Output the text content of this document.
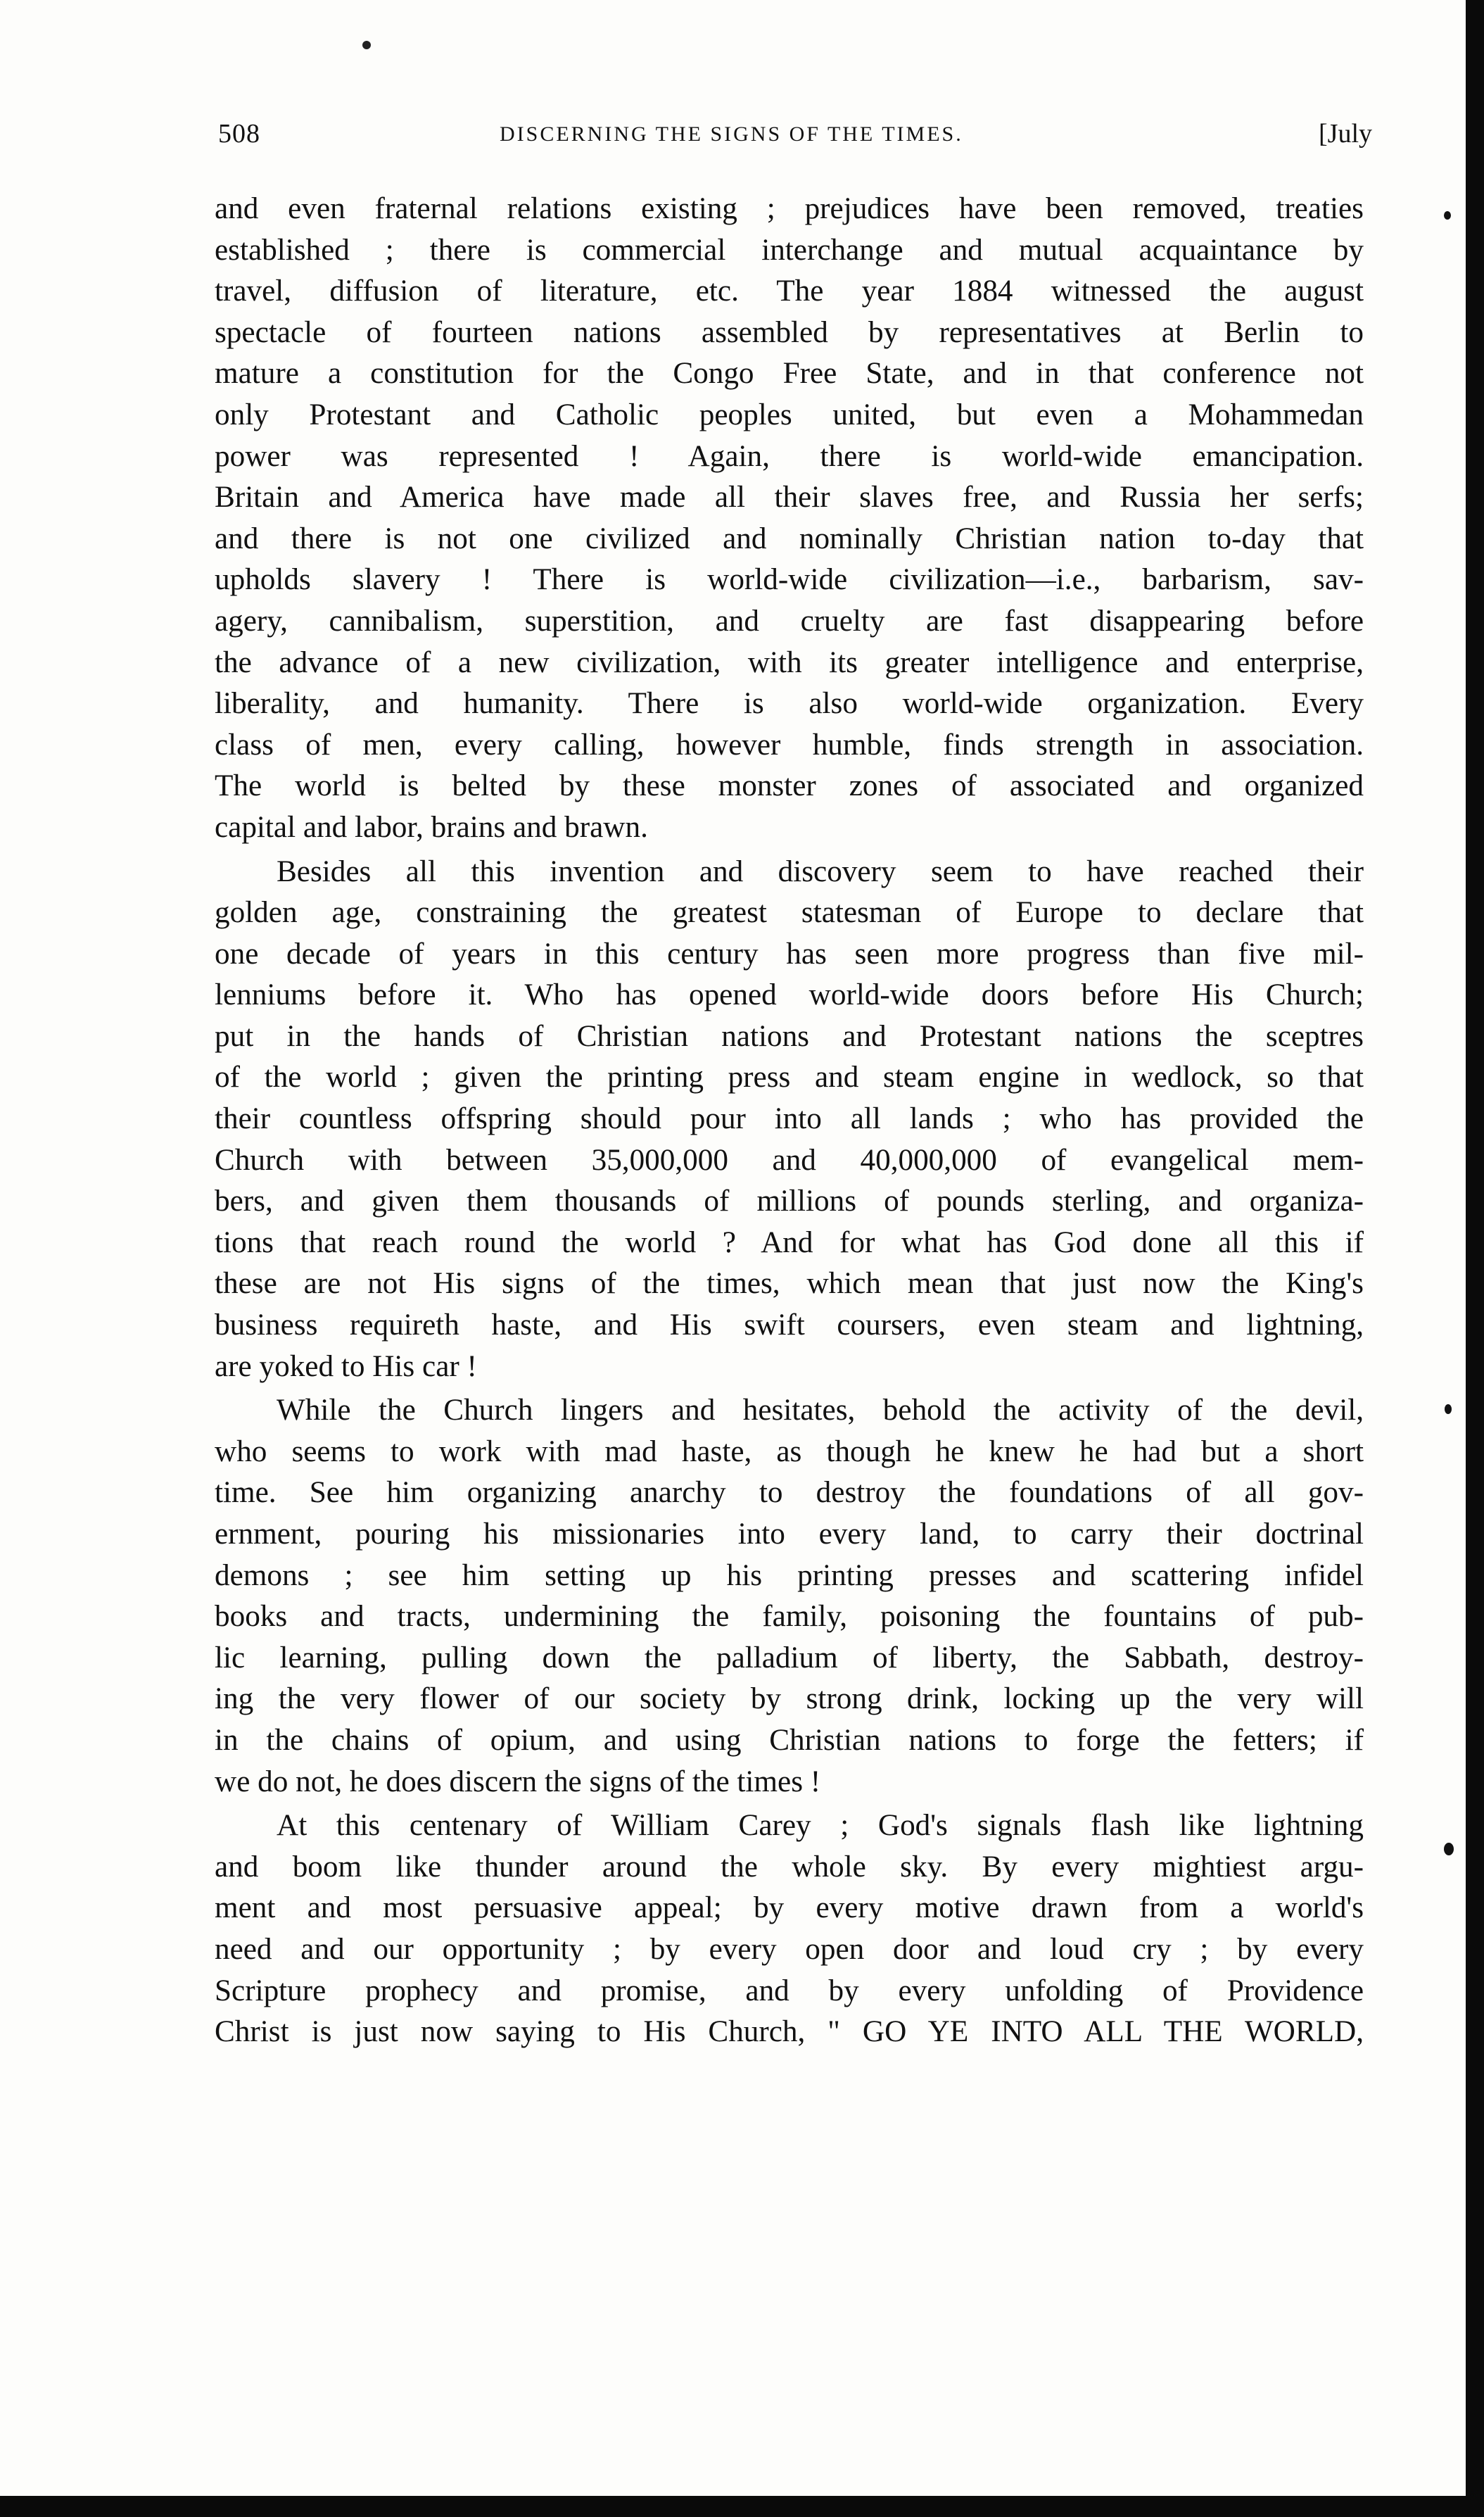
508	DISCERNING THE SIGNS OF THE TIMES.	[July

and even fraternal relations existing ; prejudices have been removed, treaties
established ; there is commercial interchange and mutual acquaintance by
travel, diffusion of literature, etc. The year 1884 witnessed the august
spectacle of fourteen nations assembled by representatives at Berlin to
mature a constitution for the Congo Free State, and in that conference not
only Protestant and Catholic peoples united, but even a Mohammedan
power was represented ! Again, there is world-wide emancipation.
Britain and America have made all their slaves free, and Russia her serfs;
and there is not one civilized and nominally Christian nation to-day that
upholds slavery ! There is world-wide civilization—i.e., barbarism, sav-
agery, cannibalism, superstition, and cruelty are fast disappearing before
the advance of a new civilization, with its greater intelligence and enterprise,
liberality, and humanity. There is also world-wide organization. Every
class of men, every calling, however humble, finds strength in association.
The world is belted by these monster zones of associated and organized
capital and labor, brains and brawn.

Besides all this invention and discovery seem to have reached their
golden age, constraining the greatest statesman of Europe to declare that
one decade of years in this century has seen more progress than five mil-
lenniums before it. Who has opened world-wide doors before His Church;
put in the hands of Christian nations and Protestant nations the sceptres
of the world ; given the printing press and steam engine in wedlock, so that
their countless offspring should pour into all lands ; who has provided the
Church with between 35,000,000 and 40,000,000 of evangelical mem-
bers, and given them thousands of millions of pounds sterling, and organiza-
tions that reach round the world ? And for what has God done all this if
these are not His signs of the times, which mean that just now the King's
business requireth haste, and His swift coursers, even steam and lightning,
are yoked to His car !

While the Church lingers and hesitates, behold the activity of the devil,
who seems to work with mad haste, as though he knew he had but a short
time. See him organizing anarchy to destroy the foundations of all gov-
ernment, pouring his missionaries into every land, to carry their doctrinal
demons ; see him setting up his printing presses and scattering infidel
books and tracts, undermining the family, poisoning the fountains of pub-
lic learning, pulling down the palladium of liberty, the Sabbath, destroy-
ing the very flower of our society by strong drink, locking up the very will
in the chains of opium, and using Christian nations to forge the fetters; if
we do not, he does discern the signs of the times !

At this centenary of William Carey ; God's signals flash like lightning
and boom like thunder around the whole sky. By every mightiest argu-
ment and most persuasive appeal; by every motive drawn from a world's
need and our opportunity ; by every open door and loud cry ; by every
Scripture prophecy and promise, and by every unfolding of Providence
Christ is just now saying to His Church, " GO YE INTO ALL THE WORLD,
